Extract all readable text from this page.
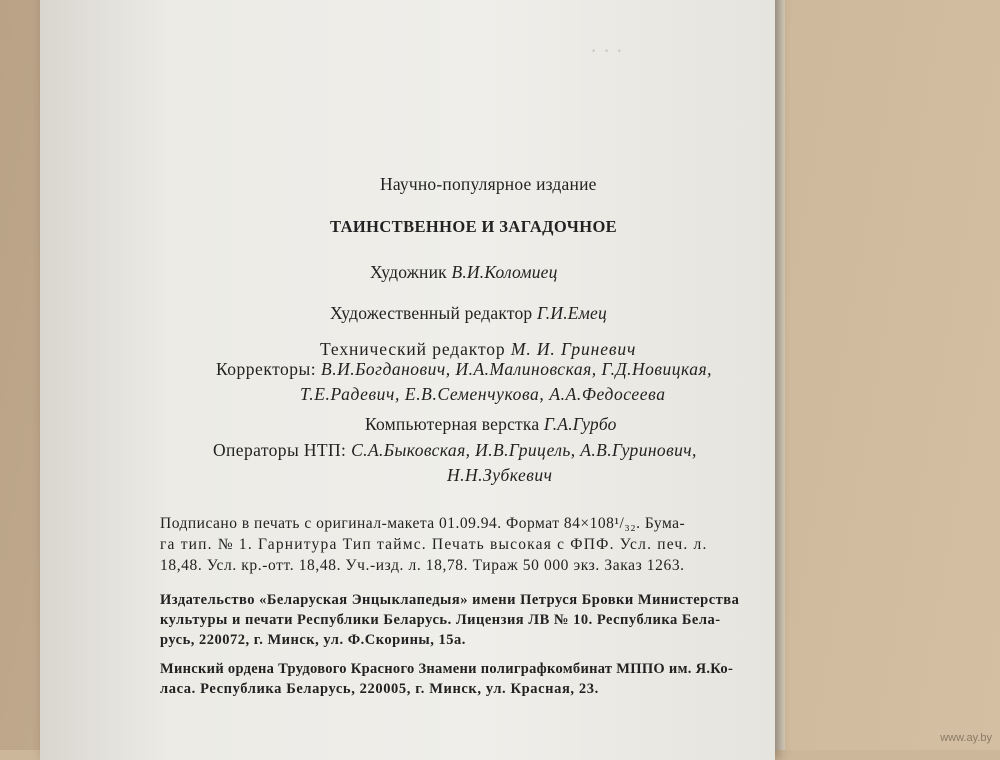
· · ·
Научно-популярное издание
ТАИНСТВЕННОЕ И ЗАГАДОЧНОЕ
Художник В.И.Коломиец
Художественный редактор Г.И.Емец
Технический редактор М. И. Гриневич
Корректоры: В.И.Богданович, И.А.Малиновская, Г.Д.Новицкая,
Т.Е.Радевич, Е.В.Семенчукова, А.А.Федосеева
Компьютерная верстка Г.А.Гурбо
Операторы НТП: С.А.Быковская, И.В.Грицель, А.В.Гуринович,
Н.Н.Зубкевич
Подписано в печать с оригинал-макета 01.09.94. Формат 84×108¹/₃₂. Бума-
га тип. № 1. Гарнитура Тип таймс. Печать высокая с ФПФ. Усл. печ. л.
18,48. Усл. кр.-отт. 18,48. Уч.-изд. л. 18,78. Тираж 50 000 экз. Заказ 1263.
Издательство «Беларуская Энцыклапедыя» имени Петруся Бровки Министерства
культуры и печати Республики Беларусь. Лицензия ЛВ № 10. Республика Бела-
русь, 220072, г. Минск, ул. Ф.Скорины, 15а.
Минский ордена Трудового Красного Знамени полиграфкомбинат МППО им. Я.Ко-
ласа. Республика Беларусь, 220005, г. Минск, ул. Красная, 23.
www.ay.by
